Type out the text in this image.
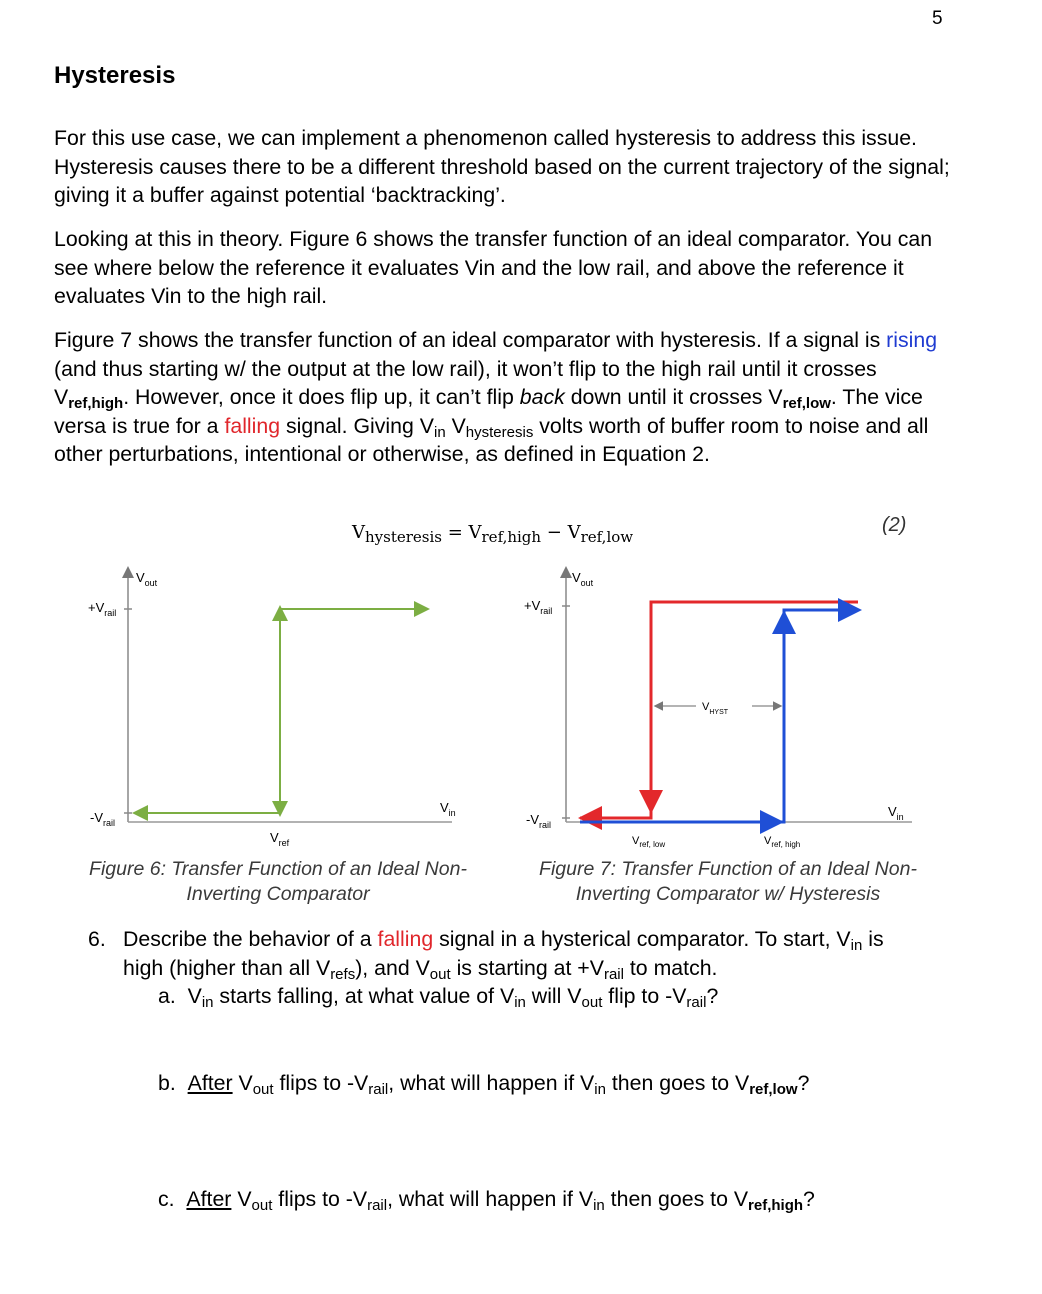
5
Hysteresis

For this use case, we can implement a phenomenon called hysteresis to address this issue. Hysteresis causes there to be a different threshold based on the current trajectory of the signal; giving it a buffer against potential ‘backtracking’.

Looking at this in theory. Figure 6 shows the transfer function of an ideal comparator. You can see where below the reference it evaluates Vin and the low rail, and above the reference it evaluates Vin to the high rail.

Figure 7 shows the transfer function of an ideal comparator with hysteresis. If a signal is rising (and thus starting w/ the output at the low rail), it won’t flip to the high rail until it crosses $V_{ref,high}$. However, once it does flip up, it can’t flip back down until it crosses $V_{ref,low}$. The vice versa is true for a falling signal. Giving $V_{in}$ $V_{hysteresis}$ volts worth of buffer room to noise and all other perturbations, intentional or otherwise, as defined in Equation 2.

$V_{hysteresis} = V_{ref,high} - V_{ref,low}$
(2)
$V_{out}$
$+V_{rail}$
$-V_{rail}$
$V_{in}$
$V_{ref}$
Figure 6: Transfer Function of an Ideal Non-
Inverting Comparator
$V_{HYST}$
$V_{out}$
$+V_{rail}$
$-V_{rail}$
$V_{in}$
$V_{ref, low}$	$V_{ref, high}$
Figure 7: Transfer Function of an Ideal Non-
Inverting Comparator w/ Hysteresis
6. Describe the behavior of a falling signal in a hysterical comparator. To start, $V_{in}$ is
high (higher than all $V_{refs}$), and $V_{out}$ is starting at $+V_{rail}$ to match.
a. $V_{in}$ starts falling, at what value of $V_{in}$ will $V_{out}$ flip to $-V_{rail}$?
b. After $V_{out}$ flips to $-V_{rail}$, what will happen if $V_{in}$ then goes to $V_{ref,low}$?
c. After $V_{out}$ flips to $-V_{rail}$, what will happen if $V_{in}$ then goes to $V_{ref,high}$?
